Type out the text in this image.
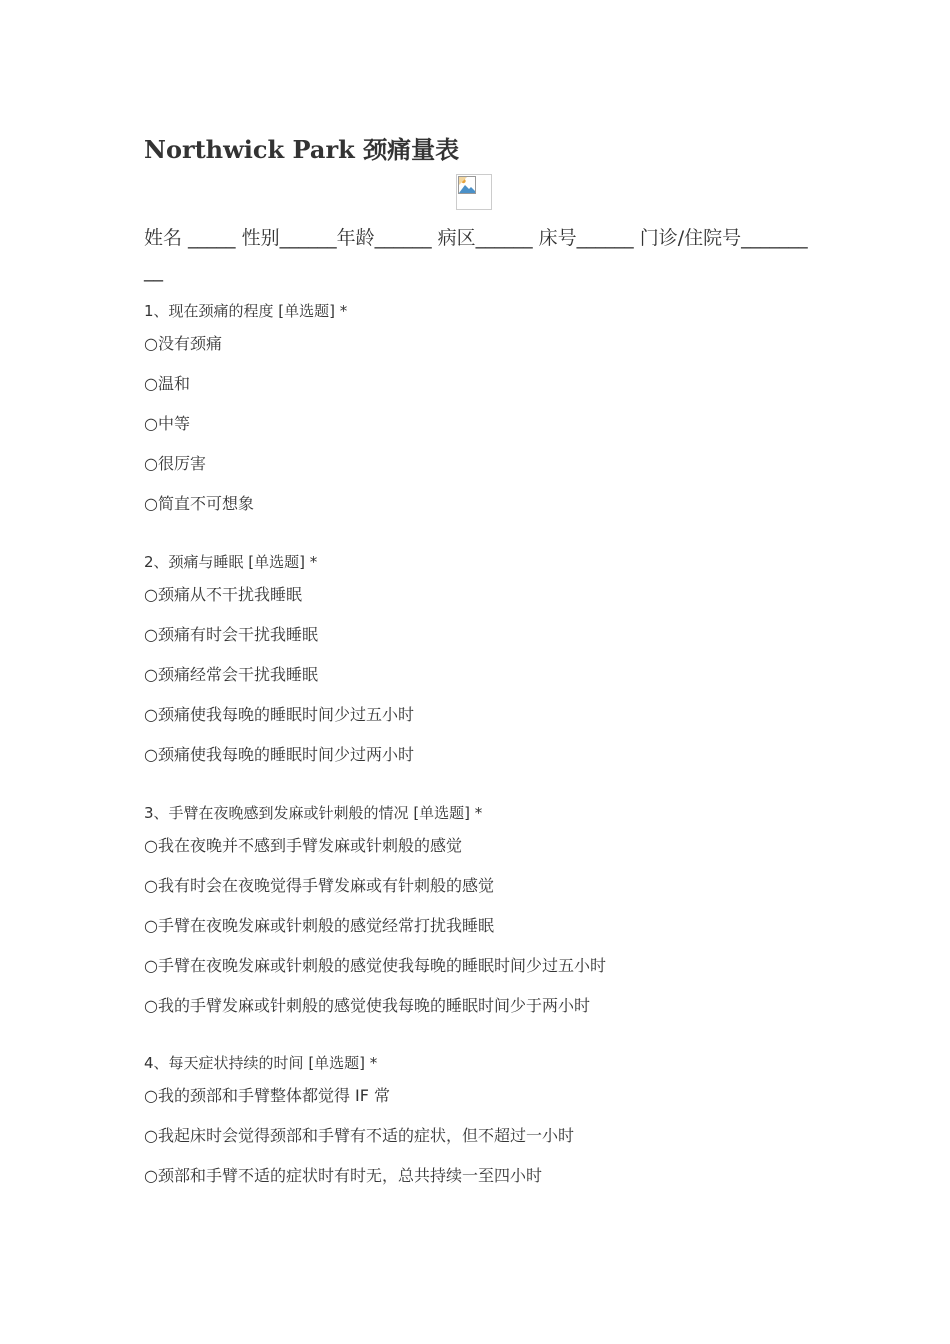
Northwick Park 颈痛量表
姓名 _____ 性别______年龄______ 病区______ 床号______ 门诊/住院号_________
1、现在颈痛的程度 [单选题] *
○没有颈痛
○温和
○中等
○很厉害
○简直不可想象
2、颈痛与睡眠 [单选题] *
○颈痛从不干扰我睡眠
○颈痛有时会干扰我睡眠
○颈痛经常会干扰我睡眠
○颈痛使我每晚的睡眠时间少过五小时
○颈痛使我每晚的睡眠时间少过两小时
3、手臂在夜晚感到发麻或针刺般的情况 [单选题] *
○我在夜晚并不感到手臂发麻或针刺般的感觉
○我有时会在夜晚觉得手臂发麻或有针刺般的感觉
○手臂在夜晚发麻或针刺般的感觉经常打扰我睡眠
○手臂在夜晚发麻或针刺般的感觉使我每晚的睡眠时间少过五小时
○我的手臂发麻或针刺般的感觉使我每晚的睡眠时间少于两小时
4、每天症状持续的时间 [单选题] *
○我的颈部和手臂整体都觉得 IF 常
○我起床时会觉得颈部和手臂有不适的症状，但不超过一小时
○颈部和手臂不适的症状时有时无，总共持续一至四小时
